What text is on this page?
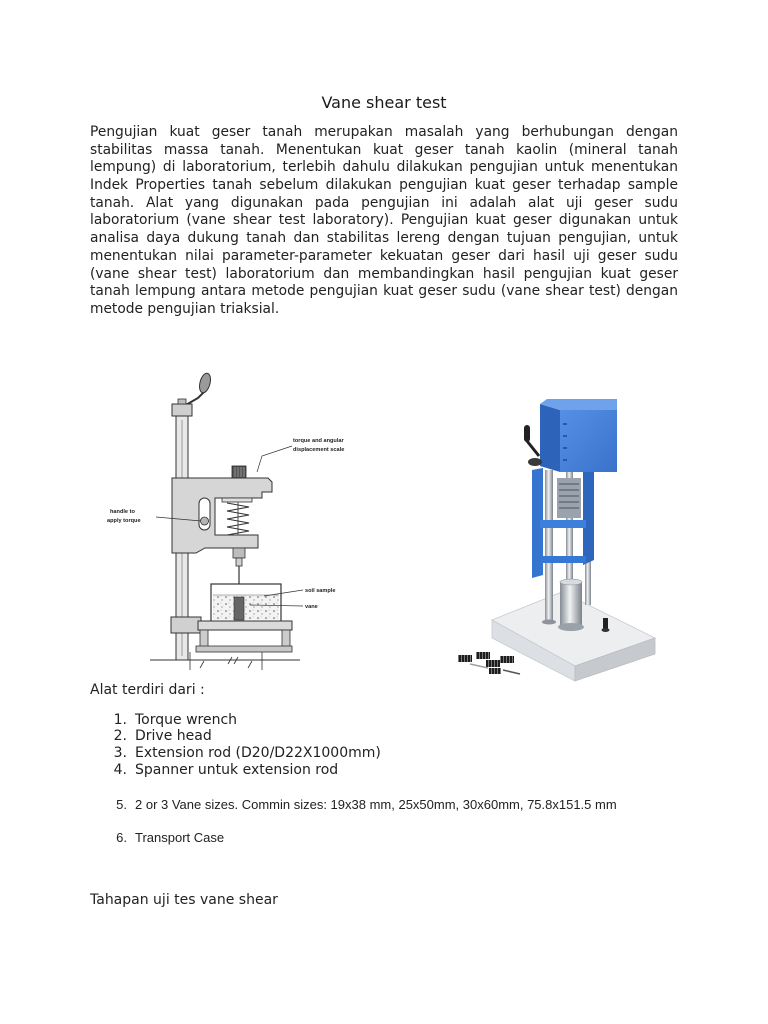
Vane shear test
Pengujian kuat geser tanah merupakan masalah yang berhubungan dengan
stabilitas massa tanah. Menentukan kuat geser tanah kaolin (mineral tanah
lempung) di laboratorium, terlebih dahulu dilakukan pengujian untuk menentukan
Indek Properties tanah sebelum dilakukan pengujian kuat geser terhadap sample
tanah. Alat yang digunakan pada pengujian ini adalah alat uji geser sudu
laboratorium (vane shear test laboratory). Pengujian kuat geser digunakan untuk
analisa daya dukung tanah dan stabilitas lereng dengan tujuan pengujian, untuk
menentukan nilai parameter-parameter kekuatan geser dari hasil uji geser sudu
(vane shear test) laboratorium dan membandingkan hasil pengujian kuat geser
tanah lempung antara metode pengujian kuat geser sudu (vane shear test) dengan
metode pengujian triaksial.
torque and angular
displacement scale
handle to
apply torque
soil sample
vane
Alat terdiri dari :
1. Torque wrench
2. Drive head
3. Extension rod (D20/D22X1000mm)
4. Spanner untuk extension rod
5. 2 or 3 Vane sizes. Commin sizes: 19x38 mm, 25x50mm, 30x60mm, 75.8x151.5 mm
6. Transport Case
Tahapan uji tes vane shear
